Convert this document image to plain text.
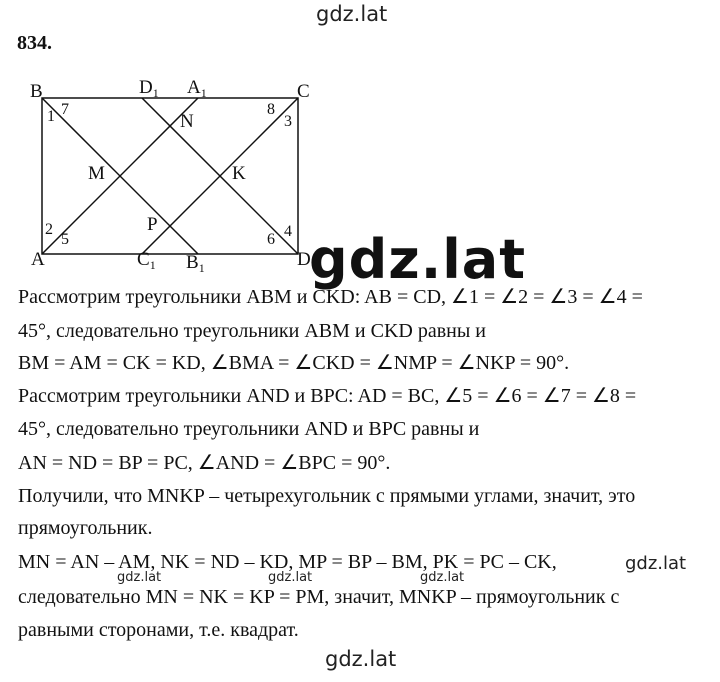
gdz.lat
834.
B	C
A	D
$D_1$ $A_1$
$C_1$ $B_1$
M
N
K
P
1
2
3
4
5	6
7	8
gdz.lat
Рассмотрим треугольники ABM и CKD: AB = CD, ∠1 = ∠2 = ∠3 = ∠4 =
45°, следовательно треугольники ABM и CKD равны и
BM = AM = CK = KD, ∠BMA = ∠CKD = ∠NMP = ∠NKP = 90°.
Рассмотрим треугольники AND и BPC: AD = BC, ∠5 = ∠6 = ∠7 = ∠8 =
45°, следовательно треугольники AND и BPC равны и
AN = ND = BP = PC, ∠AND = ∠BPC = 90°.
Получили, что MNKP – четырехугольник с прямыми углами, значит, это
прямоугольник.
MN = AN – AM, NK = ND – KD, MP = BP – BM, PK = PC – CK,	gdz.lat
gdz.lat	gdz.lat	gdz.lat
следовательно MN = NK = KP = PM, значит, MNKP – прямоугольник с
равными сторонами, т.е. квадрат.
gdz.lat
